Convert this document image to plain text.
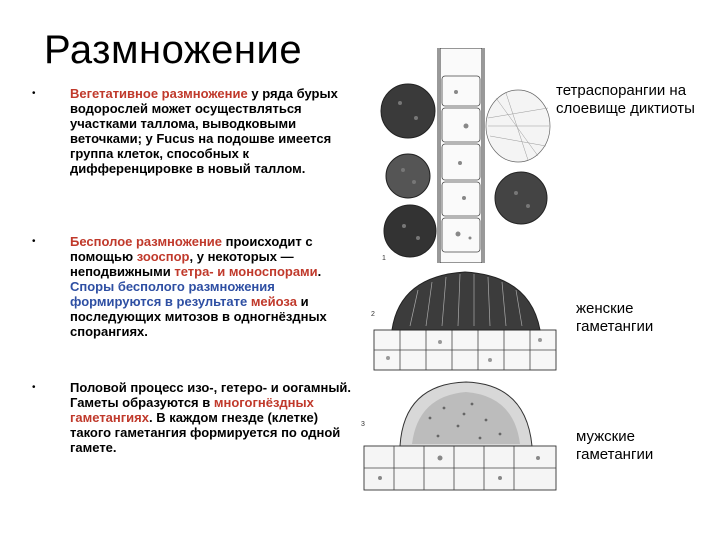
Размножение
•	Вегетативное размножение у ряда бурых водорослей может осуществляться участками таллома, выводковыми веточками; у Fucus на подошве имеется группа клеток, способных к дифференцировке в новый таллом.
•	Бесполое размножение происходит с помощью зооспор, у некоторых — неподвижными тетра- и моноспорами. Споры бесполого размножения формируются в результате мейоза и последующих митозов в одногнёздных спорангиях.
•	Половой процесс изо-, гетеро- и оогамный. Гаметы образуются в многогнёздных гаметангиях. В каждом гнезде (клетке) такого гаметангия формируется по одной гамете.
1
тетраспорангии на слоевище диктиоты
2	женские гаметангии
3
мужские гаметангии
